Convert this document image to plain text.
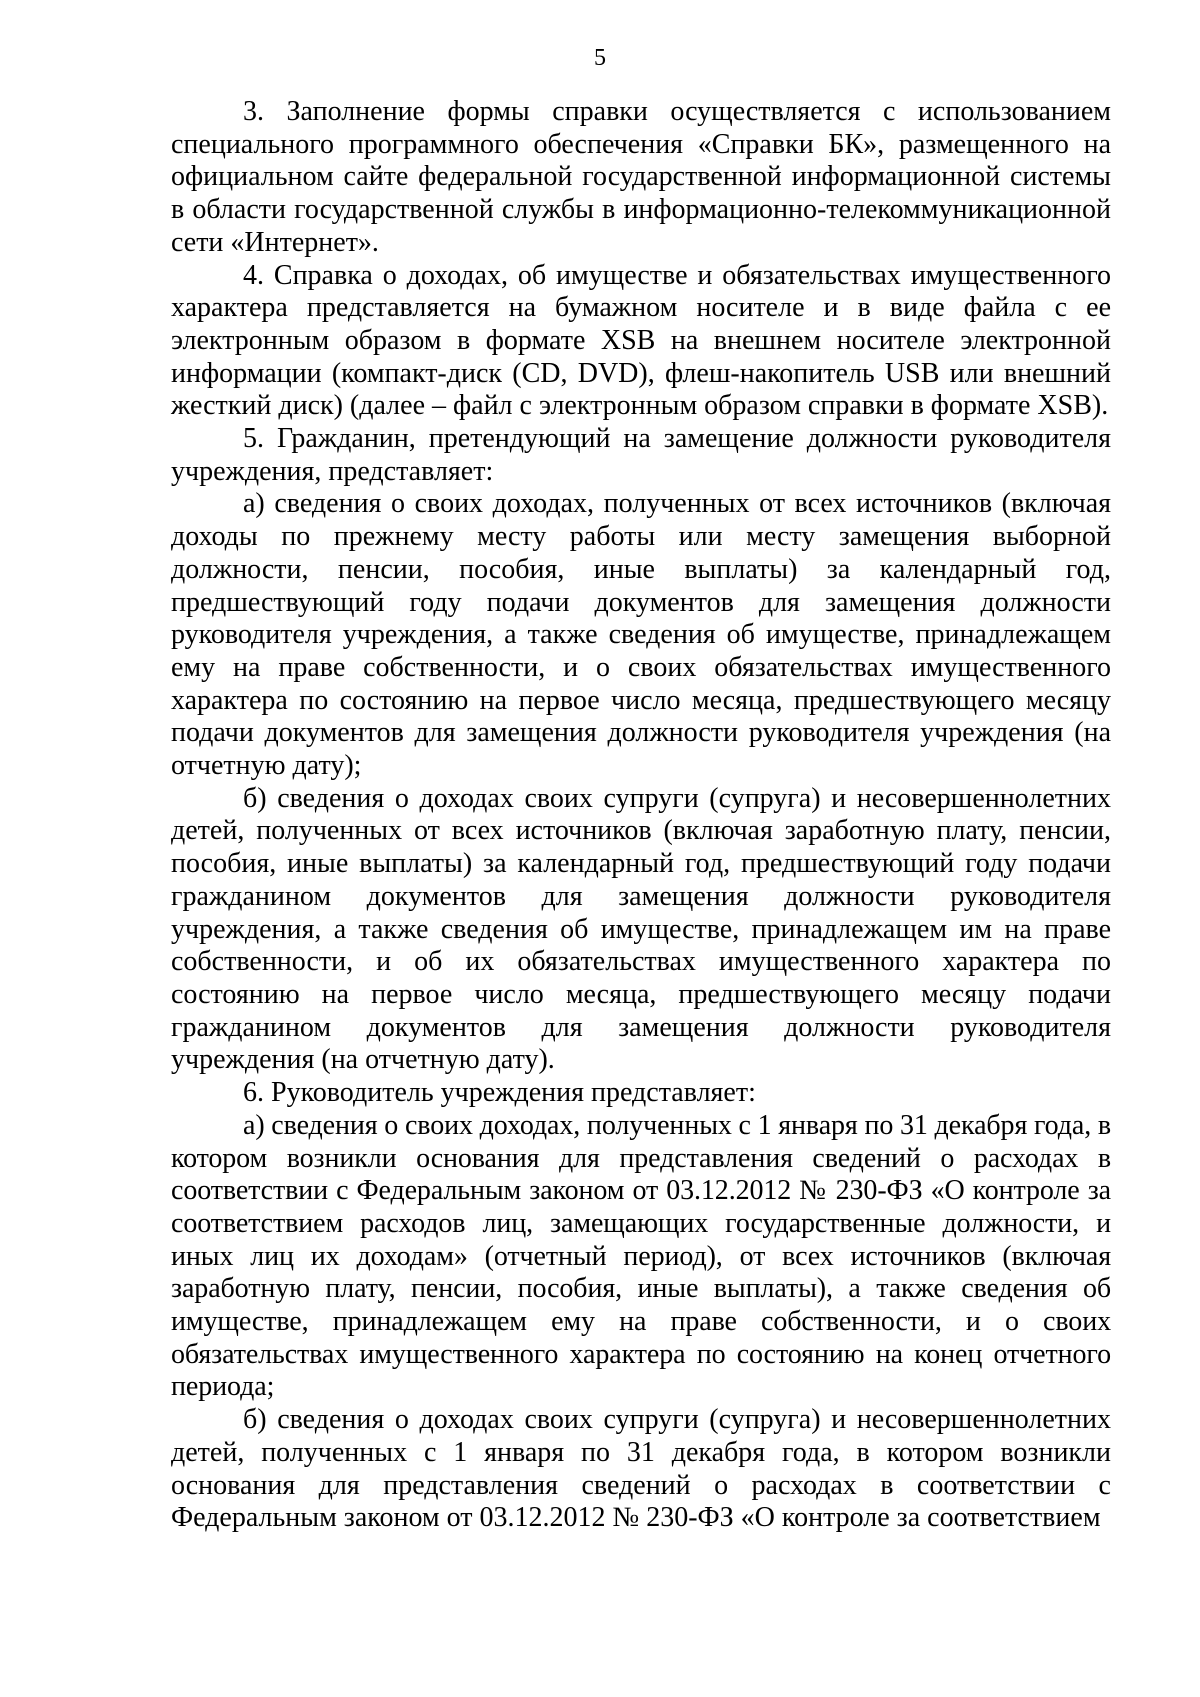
5

3. Заполнение формы справки осуществляется с использованием специального программного обеспечения «Справки БК», размещенного на официальном сайте федеральной государственной информационной системы в области государственной службы в информационно-телекоммуникационной сети «Интернет».

4. Справка о доходах, об имуществе и обязательствах имущественного характера представляется на бумажном носителе и в виде файла с ее электронным образом в формате XSB на внешнем носителе электронной информации (компакт-диск (CD, DVD), флеш-накопитель USB или внешний жесткий диск) (далее – файл с электронным образом справки в формате XSB).

5. Гражданин, претендующий на замещение должности руководителя учреждения, представляет:

а) сведения о своих доходах, полученных от всех источников (включая доходы по прежнему месту работы или месту замещения выборной должности, пенсии, пособия, иные выплаты) за календарный год, предшествующий году подачи документов для замещения должности руководителя учреждения, а также сведения об имуществе, принадлежащем ему на праве собственности, и о своих обязательствах имущественного характера по состоянию на первое число месяца, предшествующего месяцу подачи документов для замещения должности руководителя учреждения (на отчетную дату);

б) сведения о доходах своих супруги (супруга) и несовершеннолетних детей, полученных от всех источников (включая заработную плату, пенсии, пособия, иные выплаты) за календарный год, предшествующий году подачи гражданином документов для замещения должности руководителя учреждения, а также сведения об имуществе, принадлежащем им на праве собственности, и об их обязательствах имущественного характера по состоянию на первое число месяца, предшествующего месяцу подачи гражданином документов для замещения должности руководителя учреждения (на отчетную дату).

6. Руководитель учреждения представляет:

а) сведения о своих доходах, полученных с 1 января по 31 декабря года, в котором возникли основания для представления сведений о расходах в соответствии с Федеральным законом от 03.12.2012 № 230-ФЗ «О контроле за соответствием расходов лиц, замещающих государственные должности, и иных лиц их доходам» (отчетный период), от всех источников (включая заработную плату, пенсии, пособия, иные выплаты), а также сведения об имуществе, принадлежащем ему на праве собственности, и о своих обязательствах имущественного характера по состоянию на конец отчетного периода;

б) сведения о доходах своих супруги (супруга) и несовершеннолетних детей, полученных с 1 января по 31 декабря года, в котором возникли основания для представления сведений о расходах в соответствии с Федеральным законом от 03.12.2012 № 230-ФЗ «О контроле за соответствием
